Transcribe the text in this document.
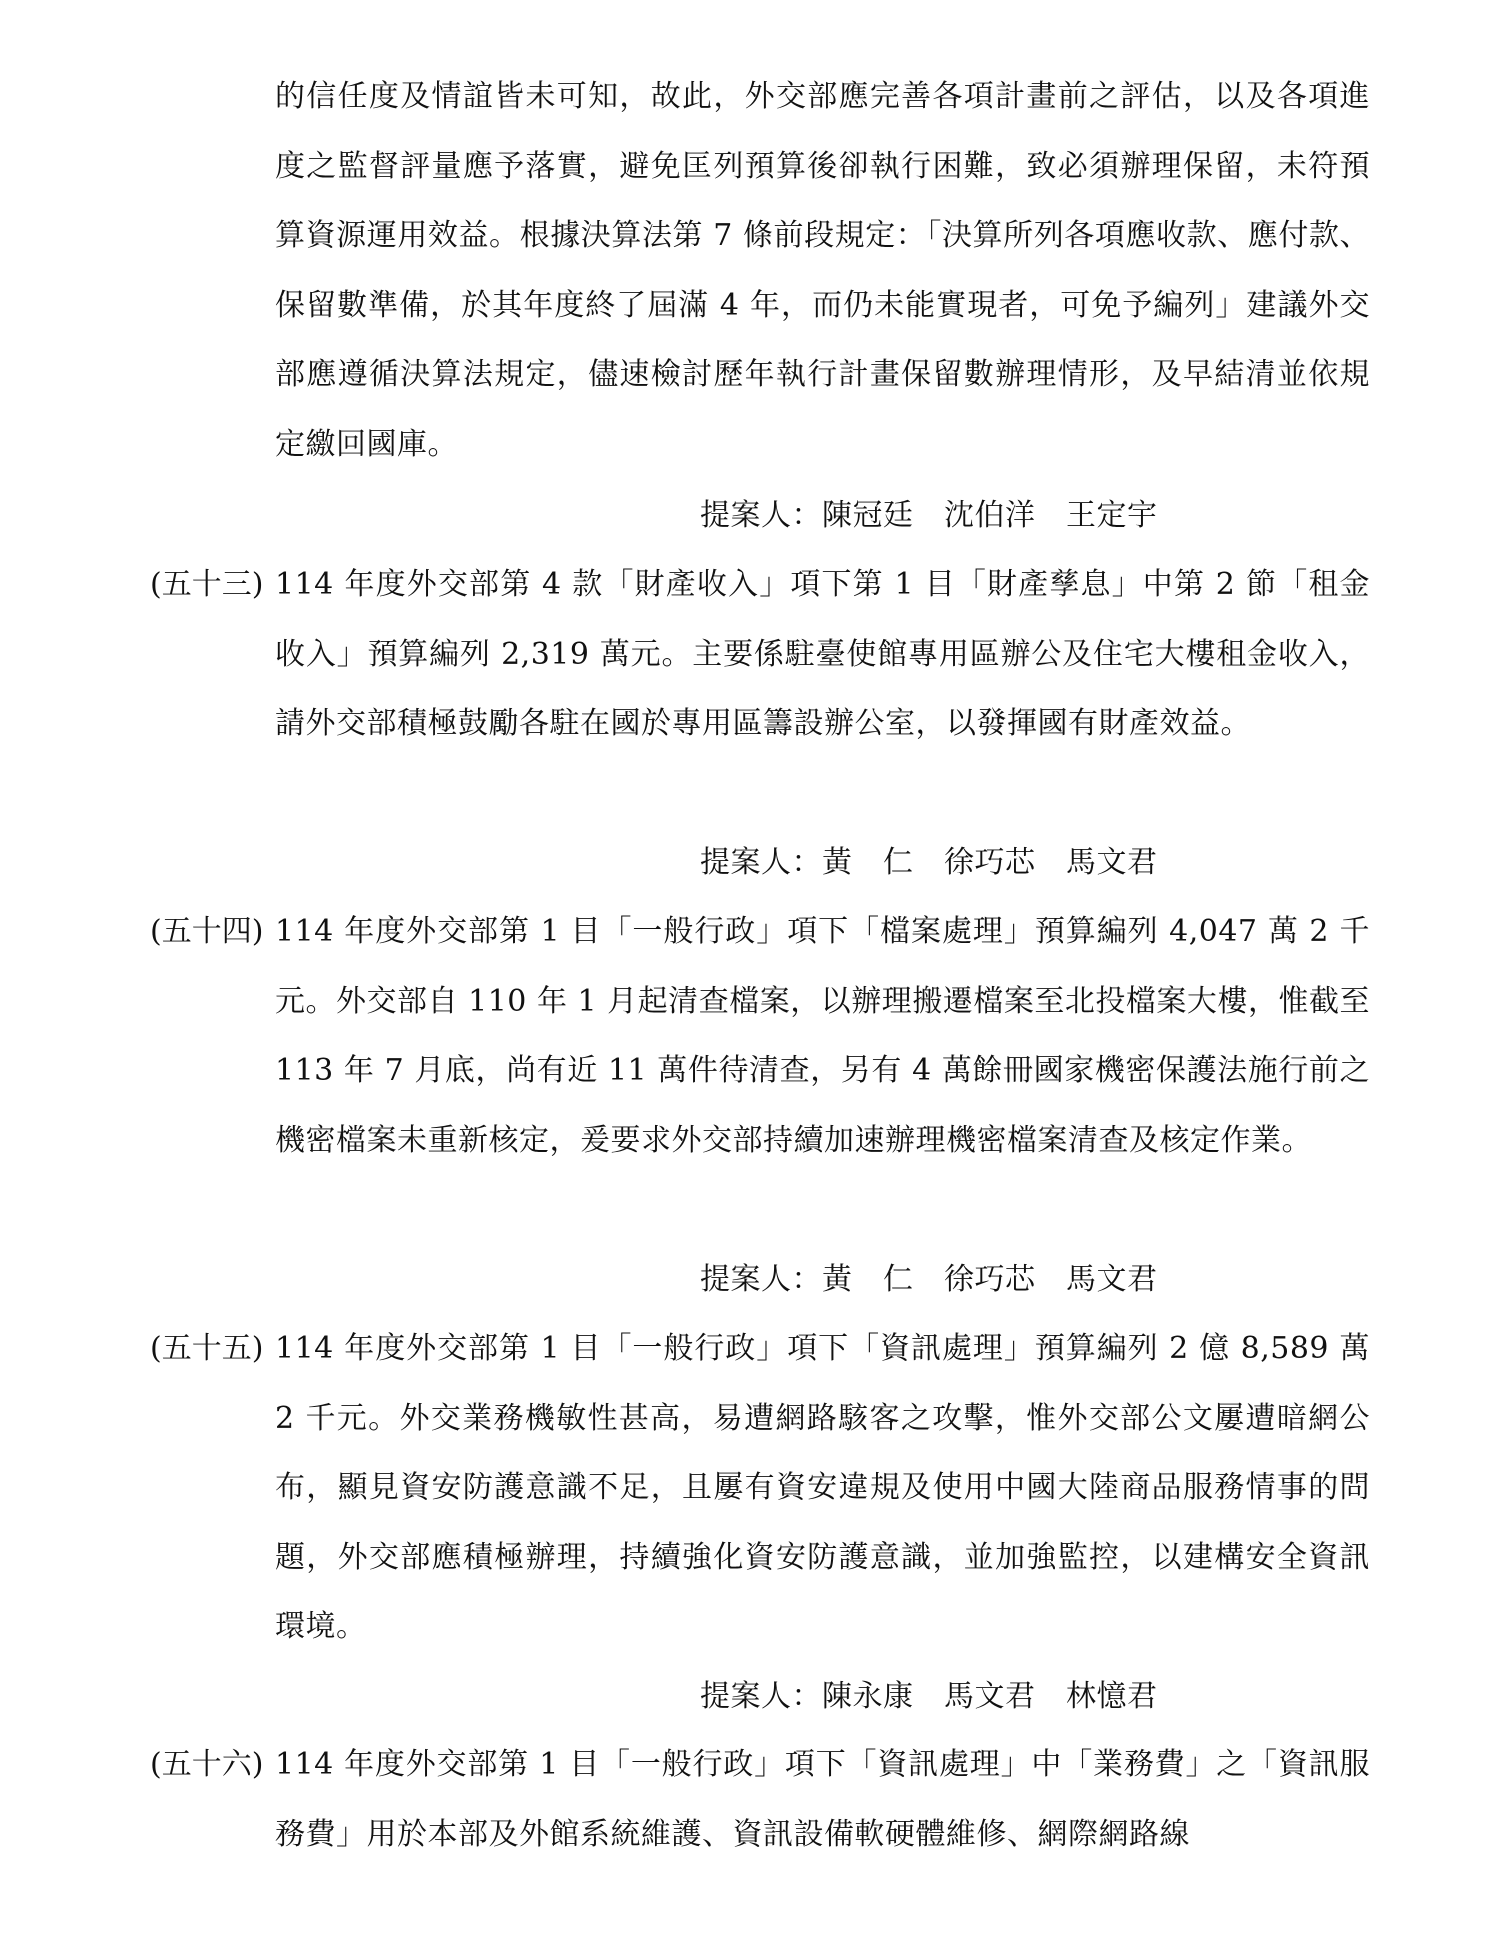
的信任度及情誼皆未可知，故此，外交部應完善各項計畫前之評估，以及各項進度之監督評量應予落實，避免匡列預算後卻執行困難，致必須辦理保留，未符預算資源運用效益。根據決算法第 7 條前段規定：「決算所列各項應收款、應付款、保留數準備，於其年度終了屆滿 4 年，而仍未能實現者，可免予編列」建議外交部應遵循決算法規定，儘速檢討歷年執行計畫保留數辦理情形，及早結清並依規定繳回國庫。
提案人：陳冠廷　沈伯洋　王定宇
(五十三) 114 年度外交部第 4 款「財產收入」項下第 1 目「財產孳息」中第 2 節「租金收入」預算編列 2,319 萬元。主要係駐臺使館專用區辦公及住宅大樓租金收入，請外交部積極鼓勵各駐在國於專用區籌設辦公室，以發揮國有財產效益。
提案人：黃　仁　徐巧芯　馬文君
(五十四) 114 年度外交部第 1 目「一般行政」項下「檔案處理」預算編列 4,047 萬 2 千元。外交部自 110 年 1 月起清查檔案，以辦理搬遷檔案至北投檔案大樓，惟截至 113 年 7 月底，尚有近 11 萬件待清查，另有 4 萬餘冊國家機密保護法施行前之機密檔案未重新核定，爰要求外交部持續加速辦理機密檔案清查及核定作業。
提案人：黃　仁　徐巧芯　馬文君
(五十五) 114 年度外交部第 1 目「一般行政」項下「資訊處理」預算編列 2 億 8,589 萬 2 千元。外交業務機敏性甚高，易遭網路駭客之攻擊，惟外交部公文屢遭暗網公布，顯見資安防護意識不足，且屢有資安違規及使用中國大陸商品服務情事的問題，外交部應積極辦理，持續強化資安防護意識，並加強監控，以建構安全資訊環境。
提案人：陳永康　馬文君　林憶君
(五十六) 114 年度外交部第 1 目「一般行政」項下「資訊處理」中「業務費」之「資訊服務費」用於本部及外館系統維護、資訊設備軟硬體維修、網際網路線
